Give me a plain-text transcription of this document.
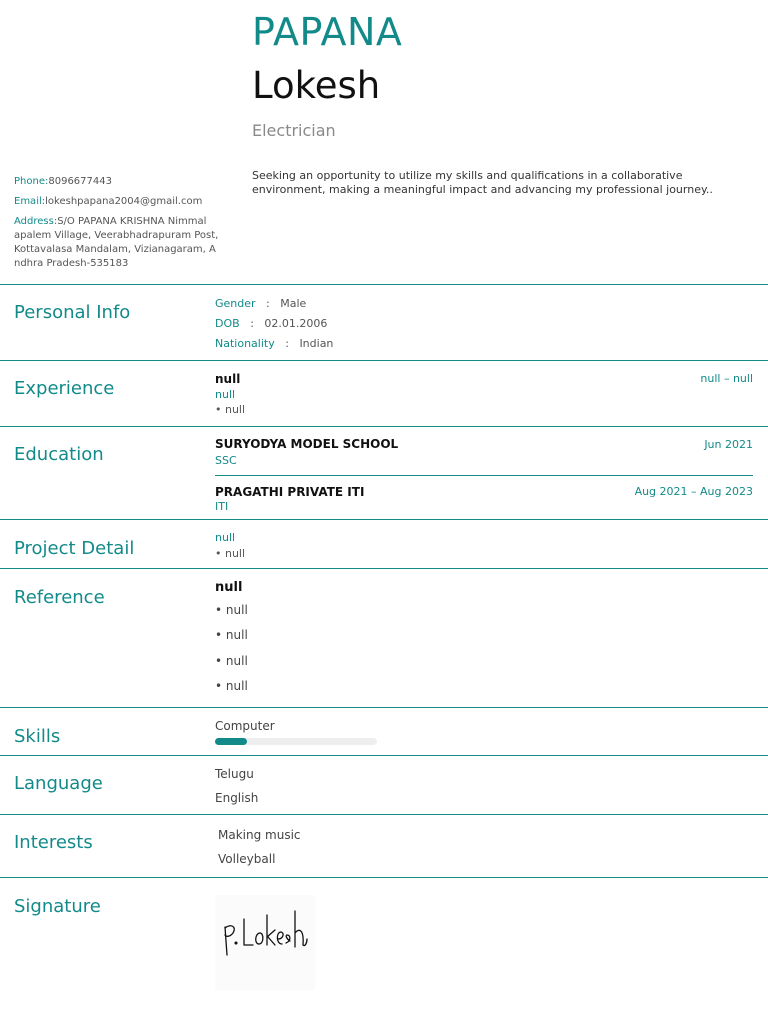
PAPANA
Lokesh
Electrician
Seeking an opportunity to utilize my skills and qualifications in a collaborative environment, making a meaningful impact and advancing my professional journey..
Phone:8096677443
Email:lokeshpapana2004@gmail.com
Address:S/O PAPANA KRISHNA Nimmal apalem Village, Veerabhadrapuram Post, Kottavalasa Mandalam, Vizianagaram, A ndhra Pradesh-535183
Personal Info	Gender : Male
DOB : 02.01.2006
Nationality : Indian
Experience	null	null – null
null
• null
Education	SURYODYA MODEL SCHOOL	Jun 2021
SSC
PRAGATHI PRIVATE ITI	Aug 2021 – Aug 2023
ITI
Project Detail
null
• null
Reference	null
• null
• null
• null
• null
Skills	Computer
Language	Telugu
English
Interests	Making music
Volleyball
Signature
